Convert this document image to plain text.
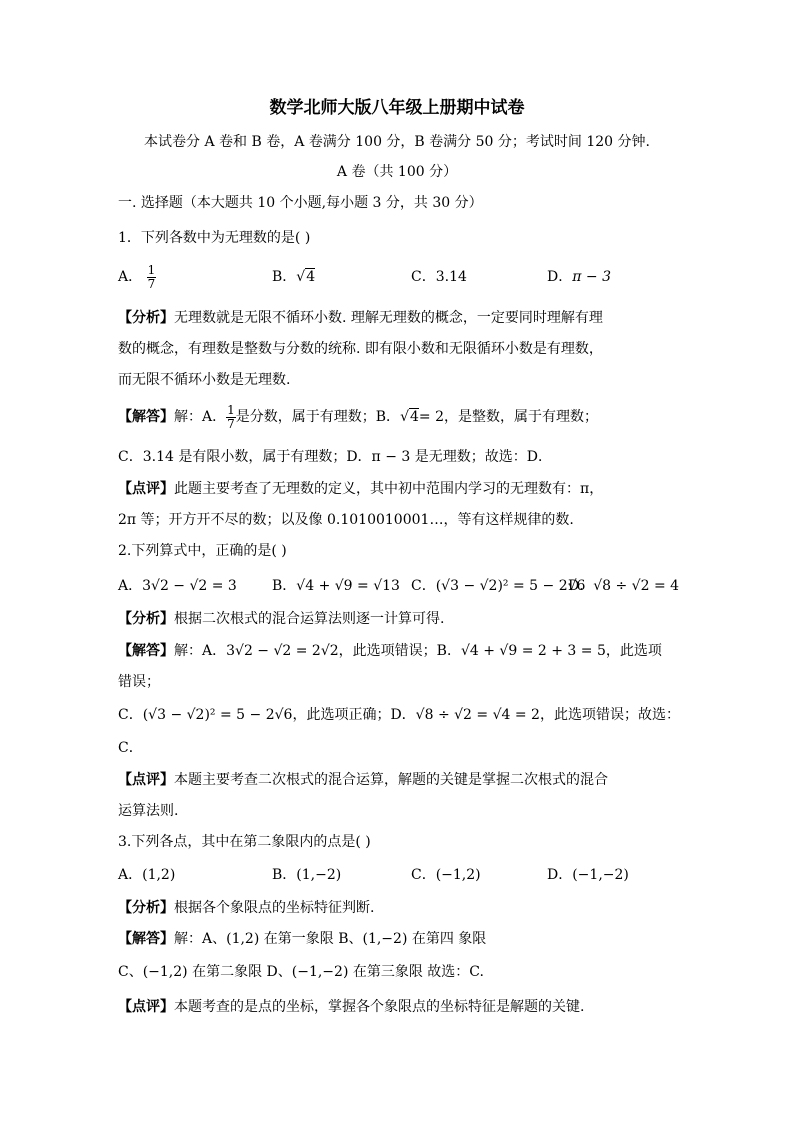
数学北师大版八年级上册期中试卷
本试卷分 A 卷和 B 卷，A 卷满分 100 分，B 卷满分 50 分；考试时间 120 分钟.
A 卷（共 100 分）
一. 选择题（本大题共 10 个小题,每小题 3 分，共 30 分）
1．下列各数中为无理数的是( )
A． $\frac{1}{7}$	B．√4	C．3.14	D．π − 3
【分析】无理数就是无限不循环小数. 理解无理数的概念，一定要同时理解有理
数的概念，有理数是整数与分数的统称. 即有限小数和无限循环小数是有理数，
而无限不循环小数是无理数.
【解答】解：A． $\frac{1}{7}$ 是分数，属于有理数；B．√4= 2，是整数，属于有理数；
C．3.14 是有限小数，属于有理数；D．π − 3 是无理数；故选：D．
【点评】此题主要考查了无理数的定义，其中初中范围内学习的无理数有：π，
2π 等；开方开不尽的数；以及像 0.1010010001…，等有这样规律的数.
2.下列算式中，正确的是( )
A．3√2 − √2 = 3	B．√4 + √9 = √13 C．(√3 − √2)² = 5 − 2√6
D．√8 ÷ √2 = 4
【分析】根据二次根式的混合运算法则逐一计算可得.
【解答】解：A．3√2 − √2 = 2√2，此选项错误；B．√4 + √9 = 2 + 3 = 5，此选项
错误；
C．(√3 − √2)² = 5 − 2√6，此选项正确；D．√8 ÷ √2 = √4 = 2，此选项错误；故选：
C．
【点评】本题主要考查二次根式的混合运算，解题的关键是掌握二次根式的混合
运算法则.
3.下列各点，其中在第二象限内的点是( )
A．(1,2)	B．(1,−2)	C．(−1,2)	D．(−1,−2)
【分析】根据各个象限点的坐标特征判断.
【解答】解：A、(1,2) 在第一象限 B、(1,−2) 在第四 象限
C、(−1,2) 在第二象限 D、(−1,−2) 在第三象限 故选：C.
【点评】本题考查的是点的坐标，掌握各个象限点的坐标特征是解题的关键.
